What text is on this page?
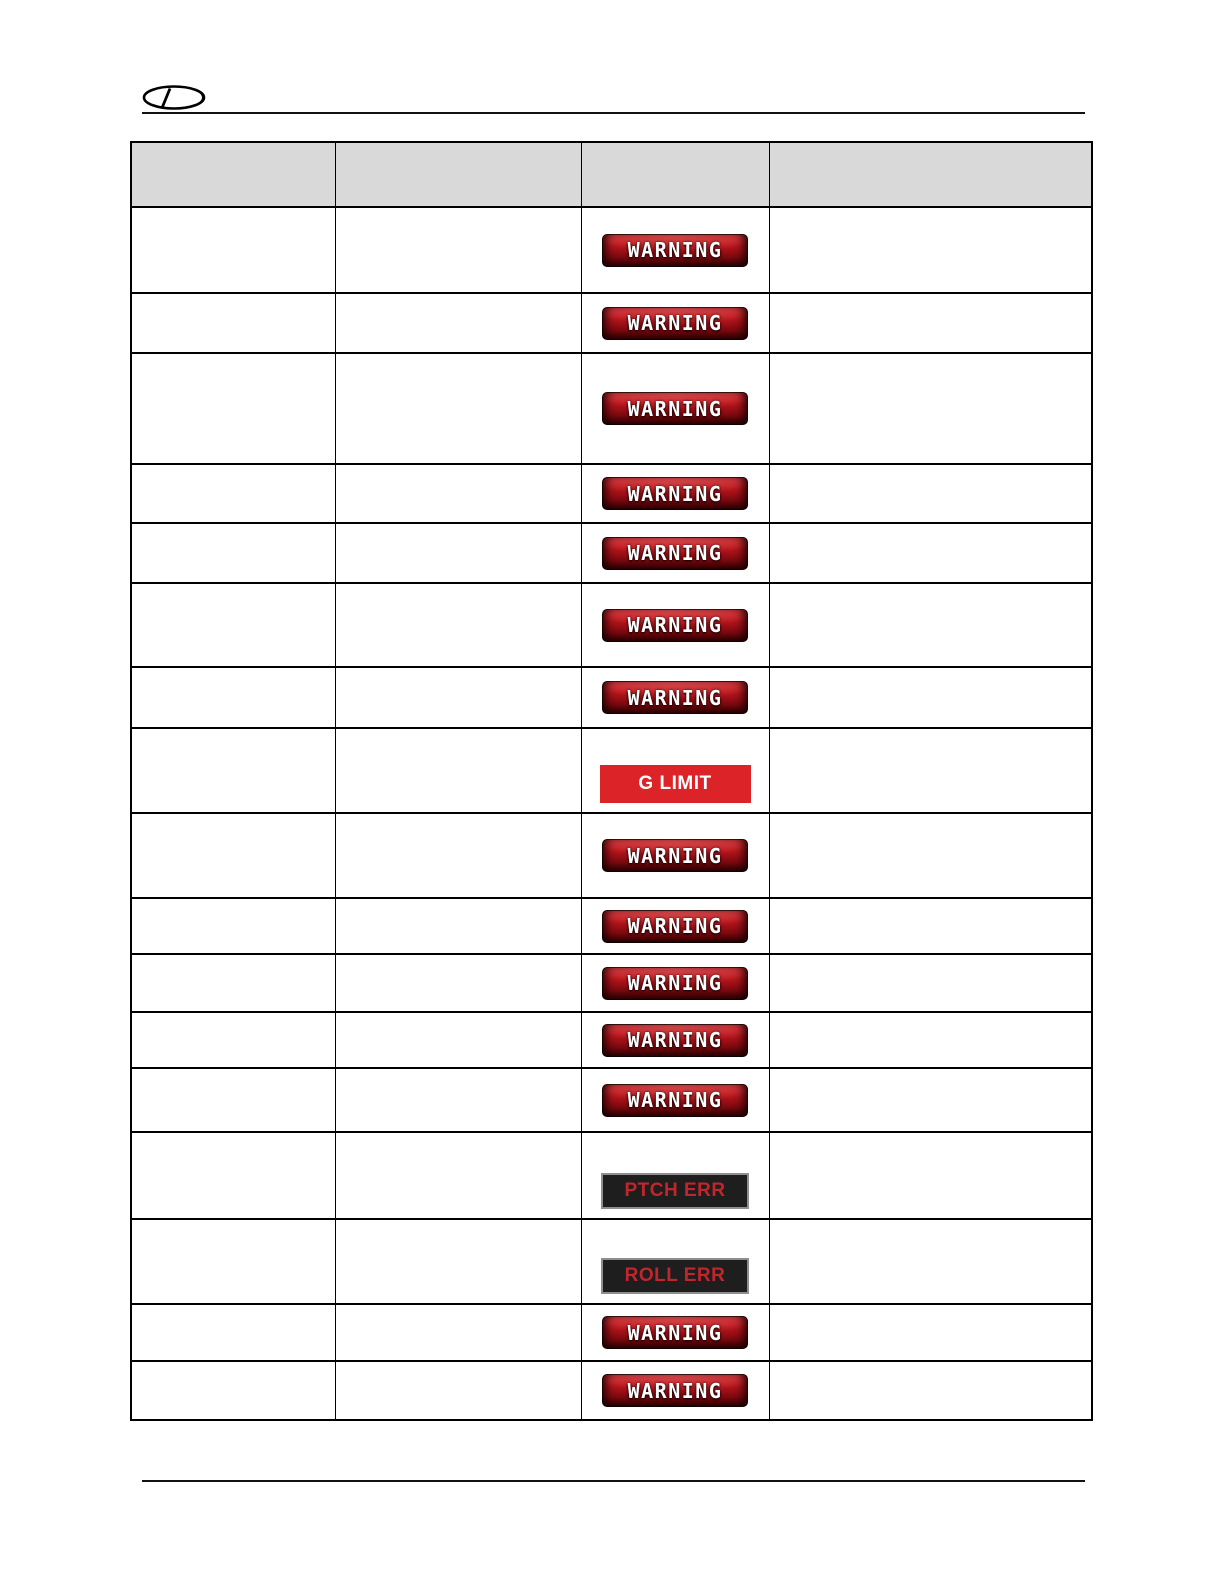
		WARNING	
		WARNING	
		WARNING	
		WARNING	
		WARNING	
		WARNING	
		WARNING	
		G LIMIT	
		WARNING	
		WARNING	
		WARNING	
		WARNING	
		WARNING	
		PTCH ERR	
		ROLL ERR	
		WARNING	
		WARNING	
